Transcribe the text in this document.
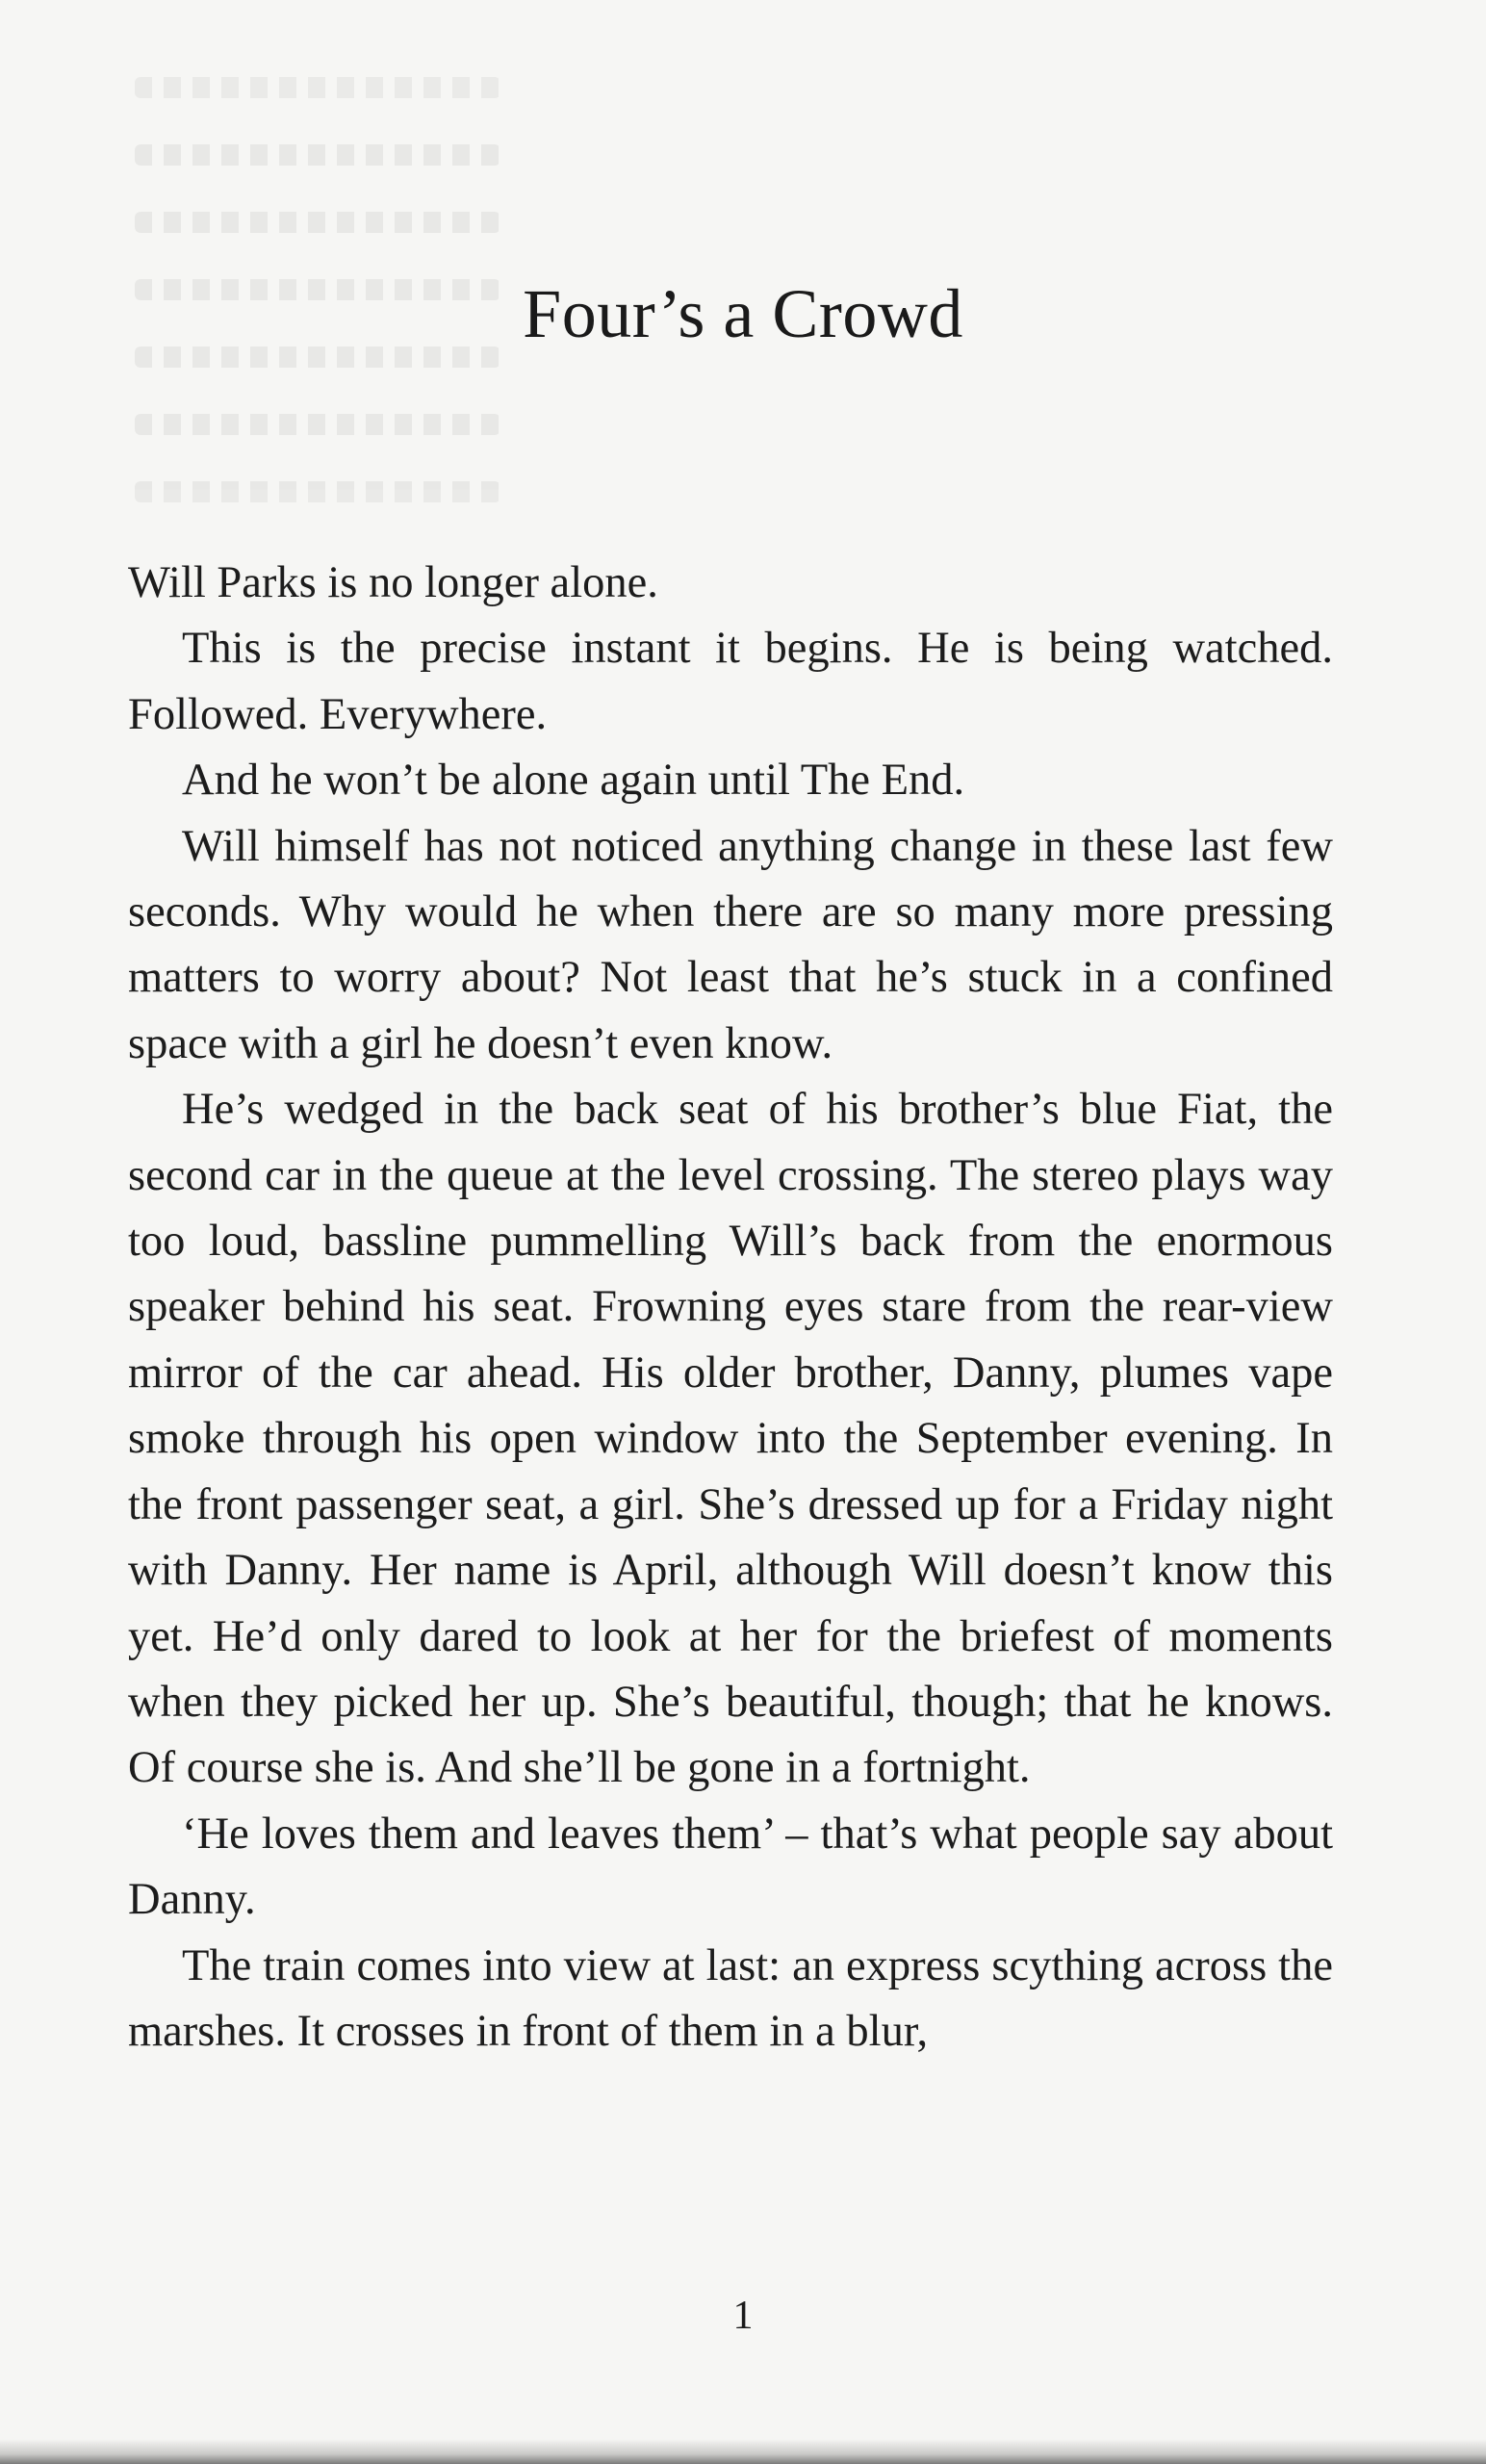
Four’s a Crowd

Will Parks is no longer alone.

This is the precise instant it begins. He is being watched. Followed. Everywhere.

And he won’t be alone again until The End.

Will himself has not noticed anything change in these last few seconds. Why would he when there are so many more pressing matters to worry about? Not least that he’s stuck in a confined space with a girl he doesn’t even know.

He’s wedged in the back seat of his brother’s blue Fiat, the second car in the queue at the level crossing. The stereo plays way too loud, bassline pummelling Will’s back from the enormous speaker behind his seat. Frowning eyes stare from the rear-view mirror of the car ahead. His older brother, Danny, plumes vape smoke through his open window into the September evening. In the front passenger seat, a girl. She’s dressed up for a Friday night with Danny. Her name is April, although Will doesn’t know this yet. He’d only dared to look at her for the briefest of moments when they picked her up. She’s beautiful, though; that he knows. Of course she is. And she’ll be gone in a fortnight.

‘He loves them and leaves them’ – that’s what people say about Danny.

The train comes into view at last: an express scything across the marshes. It crosses in front of them in a blur,

1
